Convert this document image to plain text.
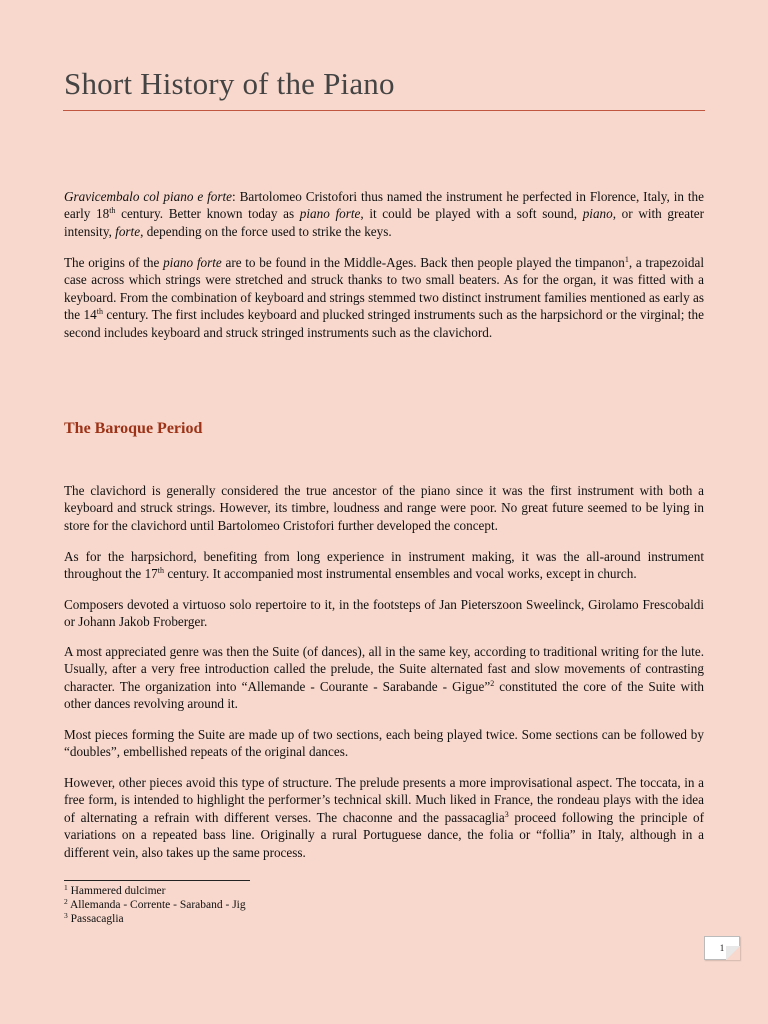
Short History of the Piano

Gravicembalo col piano e forte: Bartolomeo Cristofori thus named the instrument he perfected in Florence, Italy, in the early 18th century. Better known today as piano forte, it could be played with a soft sound, piano, or with greater intensity, forte, depending on the force used to strike the keys.

The origins of the piano forte are to be found in the Middle-Ages. Back then people played the timpanon$^1$, a trapezoidal case across which strings were stretched and struck thanks to two small beaters. As for the organ, it was fitted with a keyboard. From the combination of keyboard and strings stemmed two distinct instrument families mentioned as early as the 14th century. The first includes keyboard and plucked stringed instruments such as the harpsichord or the virginal; the second includes keyboard and struck stringed instruments such as the clavichord.

The Baroque Period

The clavichord is generally considered the true ancestor of the piano since it was the first instrument with both a keyboard and struck strings. However, its timbre, loudness and range were poor. No great future seemed to be lying in store for the clavichord until Bartolomeo Cristofori further developed the concept.

As for the harpsichord, benefiting from long experience in instrument making, it was the all-around instrument throughout the 17th century. It accompanied most instrumental ensembles and vocal works, except in church.

Composers devoted a virtuoso solo repertoire to it, in the footsteps of Jan Pieterszoon Sweelinck, Girolamo Frescobaldi or Johann Jakob Froberger.

A most appreciated genre was then the Suite (of dances), all in the same key, according to traditional writing for the lute. Usually, after a very free introduction called the prelude, the Suite alternated fast and slow movements of contrasting character. The organization into “Allemande - Courante - Sarabande - Gigue”$^2$ constituted the core of the Suite with other dances revolving around it.

Most pieces forming the Suite are made up of two sections, each being played twice. Some sections can be followed by “doubles”, embellished repeats of the original dances.

However, other pieces avoid this type of structure. The prelude presents a more improvisational aspect. The toccata, in a free form, is intended to highlight the performer’s technical skill. Much liked in France, the rondeau plays with the idea of alternating a refrain with different verses. The chaconne and the passacaglia$^3$ proceed following the principle of variations on a repeated bass line. Originally a rural Portuguese dance, the folia or “follia” in Italy, although in a different vein, also takes up the same process.

$^1$ Hammered dulcimer
$^2$ Allemanda - Corrente - Saraband - Jig
$^3$ Passacaglia
1
